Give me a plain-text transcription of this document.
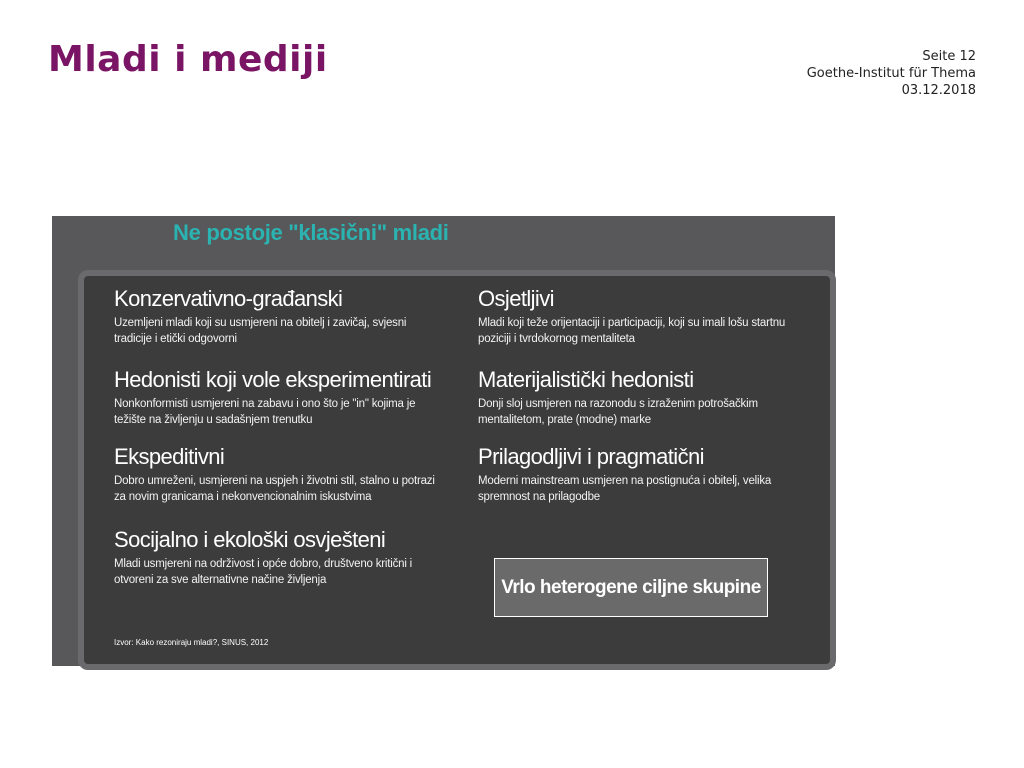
Mladi i mediji	Seite 12
Goethe-Institut für Thema
03.12.2018
Ne postoje "klasični" mladi
Konzervativno-građanski

Uzemljeni mladi koji su usmjereni na obitelj i zavičaj, svjesni tradicije i etički odgovorni

Osjetljivi

Mladi koji teže orijentaciji i participaciji, koji su imali lošu startnu poziciji i tvrdokornog mentaliteta

Hedonisti koji vole eksperimentirati

Nonkonformisti usmjereni na zabavu i ono što je "in" kojima je težište na življenju u sadašnjem trenutku

Materijalistički hedonisti

Donji sloj usmjeren na razonodu s izraženim potrošačkim mentalitetom, prate (modne) marke

Ekspeditivni

Dobro umreženi, usmjereni na uspjeh i životni stil, stalno u potrazi za novim granicama i nekonvencionalnim iskustvima

Prilagodljivi i pragmatični

Moderni mainstream usmjeren na postignuća i obitelj, velika spremnost na prilagodbe

Socijalno i ekološki osvješteni

Mladi usmjereni na održivost i opće dobro, društveno kritični i otvoreni za sve alternativne načine življenja	Vrlo heterogene ciljne skupine
Izvor: Kako rezoniraju mladi?, SINUS, 2012
